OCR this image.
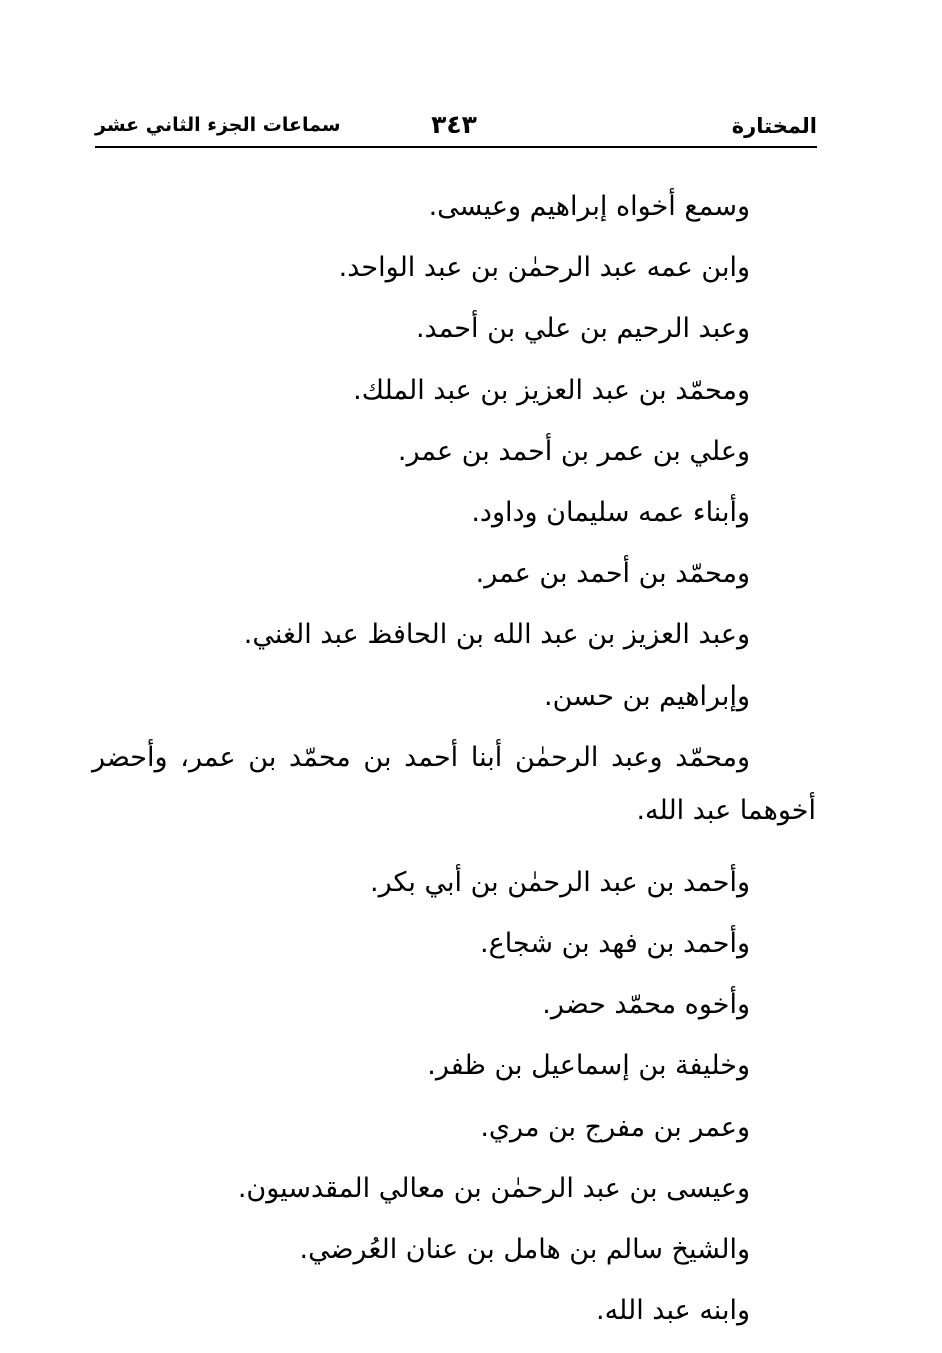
المختارة
٣٤٣
سماعات الجزء الثاني عشر
وسمع أخواه إبراهيم وعيسى.
وابن عمه عبد الرحمٰن بن عبد الواحد.
وعبد الرحيم بن علي بن أحمد.
ومحمّد بن عبد العزيز بن عبد الملك.
وعلي بن عمر بن أحمد بن عمر.
وأبناء عمه سليمان وداود.
ومحمّد بن أحمد بن عمر.
وعبد العزيز بن عبد الله بن الحافظ عبد الغني.
وإبراهيم بن حسن.
ومحمّد وعبد الرحمٰن أبنا أحمد بن محمّد بن عمر، وأحضر
أخوهما عبد الله.
وأحمد بن عبد الرحمٰن بن أبي بكر.
وأحمد بن فهد بن شجاع.
وأخوه محمّد حضر.
وخليفة بن إسماعيل بن ظفر.
وعمر بن مفرج بن مري.
وعيسى بن عبد الرحمٰن بن معالي المقدسيون.
والشيخ سالم بن هامل بن عنان العُرضي.
وابنه عبد الله.
